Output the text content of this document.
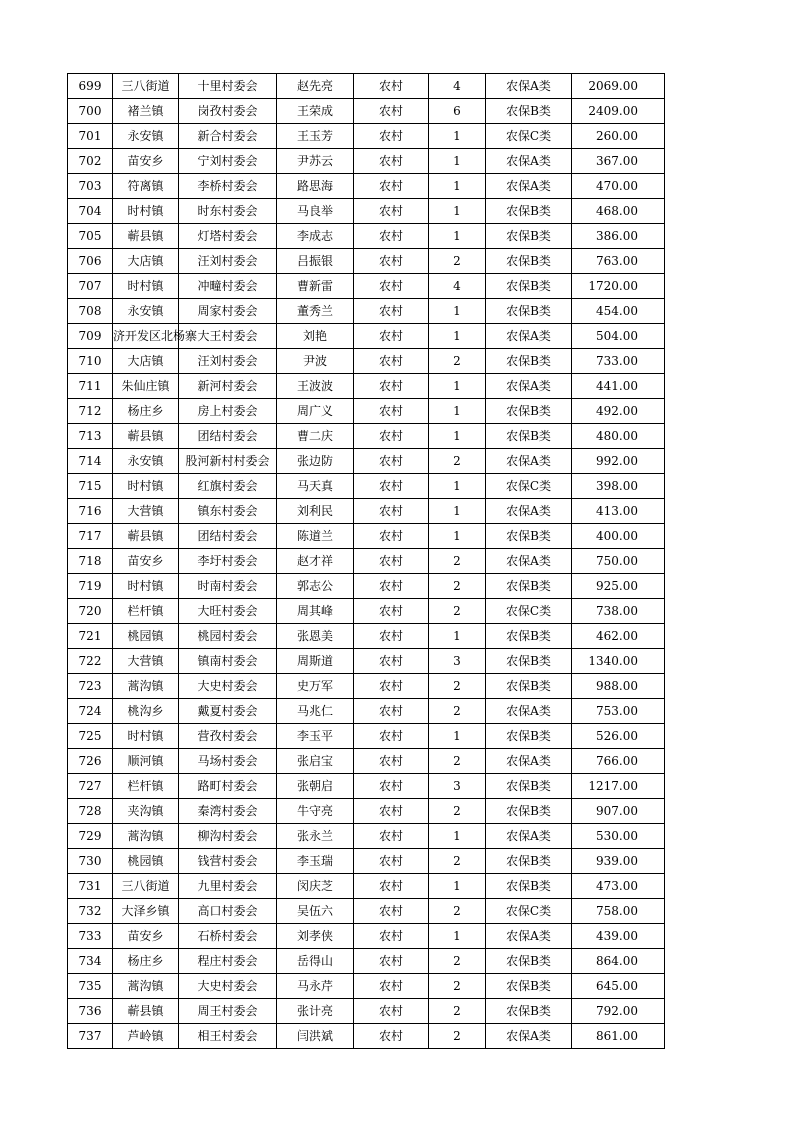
699	三八街道	十里村委会	赵先亮	农村	4	农保A类	2069.00
700	褚兰镇	岗孜村委会	王荣成	农村	6	农保B类	2409.00
701	永安镇	新合村委会	王玉芳	农村	1	农保C类	260.00
702	苗安乡	宁刘村委会	尹苏云	农村	1	农保A类	367.00
703	符离镇	李桥村委会	路思海	农村	1	农保A类	470.00
704	时村镇	时东村委会	马良举	农村	1	农保B类	468.00
705	蕲县镇	灯塔村委会	李成志	农村	1	农保B类	386.00
706	大店镇	汪刘村委会	吕振银	农村	2	农保B类	763.00
707	时村镇	冲疃村委会	曹新雷	农村	4	农保B类	1720.00
708	永安镇	周家村委会	董秀兰	农村	1	农保B类	454.00
709	济开发区北杨寨	大王村委会	刘艳	农村	1	农保A类	504.00
710	大店镇	汪刘村委会	尹波	农村	2	农保B类	733.00
711	朱仙庄镇	新河村委会	王波波	农村	1	农保A类	441.00
712	杨庄乡	房上村委会	周广义	农村	1	农保B类	492.00
713	蕲县镇	团结村委会	曹二庆	农村	1	农保B类	480.00
714	永安镇	股河新村村委会	张边防	农村	2	农保A类	992.00
715	时村镇	红旗村委会	马天真	农村	1	农保C类	398.00
716	大营镇	镇东村委会	刘利民	农村	1	农保A类	413.00
717	蕲县镇	团结村委会	陈道兰	农村	1	农保B类	400.00
718	苗安乡	李圩村委会	赵才祥	农村	2	农保A类	750.00
719	时村镇	时南村委会	郭志公	农村	2	农保B类	925.00
720	栏杆镇	大旺村委会	周其峰	农村	2	农保C类	738.00
721	桃园镇	桃园村委会	张恩美	农村	1	农保B类	462.00
722	大营镇	镇南村委会	周斯道	农村	3	农保B类	1340.00
723	蒿沟镇	大史村委会	史万军	农村	2	农保B类	988.00
724	桃沟乡	戴夏村委会	马兆仁	农村	2	农保A类	753.00
725	时村镇	营孜村委会	李玉平	农村	1	农保B类	526.00
726	顺河镇	马场村委会	张启宝	农村	2	农保A类	766.00
727	栏杆镇	路町村委会	张朝启	农村	3	农保B类	1217.00
728	夹沟镇	秦湾村委会	牛守亮	农村	2	农保B类	907.00
729	蒿沟镇	柳沟村委会	张永兰	农村	1	农保A类	530.00
730	桃园镇	钱营村委会	李玉瑞	农村	2	农保B类	939.00
731	三八街道	九里村委会	闵庆芝	农村	1	农保B类	473.00
732	大泽乡镇	高口村委会	吴伍六	农村	2	农保C类	758.00
733	苗安乡	石桥村委会	刘孝侠	农村	1	农保A类	439.00
734	杨庄乡	程庄村委会	岳得山	农村	2	农保B类	864.00
735	蒿沟镇	大史村委会	马永芹	农村	2	农保B类	645.00
736	蕲县镇	周王村委会	张计亮	农村	2	农保B类	792.00
737	芦岭镇	相王村委会	闫洪斌	农村	2	农保A类	861.00
